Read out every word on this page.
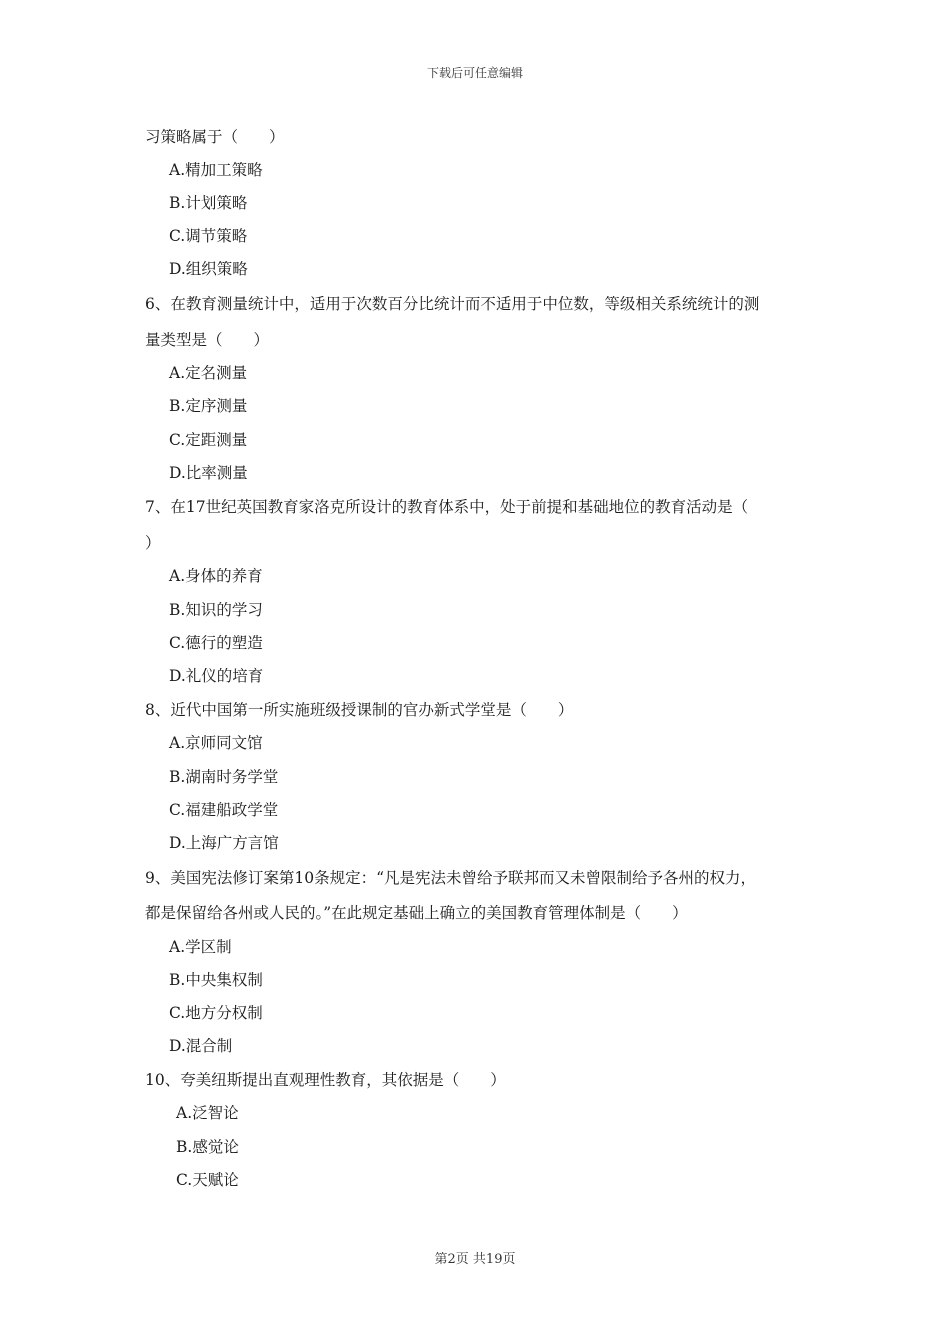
下载后可任意编辑
习策略属于（　　）
A.精加工策略
B.计划策略
C.调节策略
D.组织策略
6、在教育测量统计中，适用于次数百分比统计而不适用于中位数，等级相关系统统计的测
量类型是（　　）
A.定名测量
B.定序测量
C.定距测量
D.比率测量
7、在17世纪英国教育家洛克所设计的教育体系中，处于前提和基础地位的教育活动是（
）
A.身体的养育
B.知识的学习
C.德行的塑造
D.礼仪的培育
8、近代中国第一所实施班级授课制的官办新式学堂是（　　）
A.京师同文馆
B.湖南时务学堂
C.福建船政学堂
D.上海广方言馆
9、美国宪法修订案第10条规定：“凡是宪法未曾给予联邦而又未曾限制给予各州的权力，
都是保留给各州或人民的。”在此规定基础上确立的美国教育管理体制是（　　）
A.学区制
B.中央集权制
C.地方分权制
D.混合制
10、夸美纽斯提出直观理性教育，其依据是（　　）
A.泛智论
B.感觉论
C.天赋论
第2页 共19页
